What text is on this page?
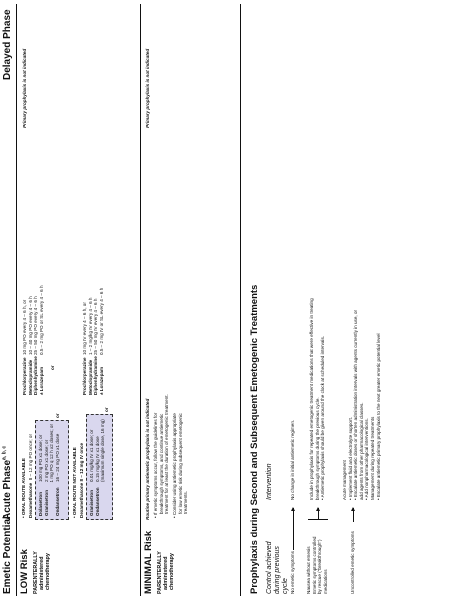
Emetic Potential
Acute Phase$^{a, b, c}$
Delayed Phase
LOW Risk PARENTERALLY administered chemotherapy
• ORAL ROUTE AVAILABLE Dexamethasone  8 – 12 mg PO once; or
Dolasetron
100 mg PO x1 dose; or
Granisetron
2 mg PO x1 dose; or 1 mg PO q 12 h x2 doses; or
Ondansetron
16 – 24 mg PO x1 dose
or
• ORAL ROUTE NOT AVAILABLE Dexamethasone 8 – 12 mg IV once Granisetron
0.01 mg/kg IV x1 dose; or
Ondansetron
0.15 mg/kg IV x1 dose (maximum single dose, 16 mg)
or
Prochlorperazine
10 mg PO every 4 – 6 h, or
Metoclopramide
10 – 40 mg PO every 4 – 6 h
Diphenhydramine
25 – 50 mg PO every 4 – 6 h
± Lorazepam
0.5 – 2 mg PO or SL every 4 – 6 h
or	Prochlorperazine
10 mg IV every 4 – 6 h, or
Metoclopramide
1 – 2 mg/kg IV every 4 – 6 h
Diphenhydramine
25 – 50 mg IV every 4 – 6 h
± Lorazepam
0.5 – 2 mg IV or SL every 4 – 6 h
Primary prophylaxis is not indicated
MINIMAL Risk PARENTERALLY administered chemotherapy
Routine primary antiemetic prophylaxis is not indicated • If emetic symptoms occur, follow the guidelines for breakthrough symptoms, and continue antiemetic treatment for at least the duration of emetogenic treatment. • Consider using antiemetic prophylaxis appropriate for low emetic risk during subsequent emetogenic treatments.
Primary prophylaxis is not indicated
Prophylaxis during Second and Subsequent Emetogenic Treatments Control achieved during previous cycle
Intervention
No emetic symptoms
No change in initial antiemetic regimen.
Nausea without emesis Emetic symptoms controlled by rescue ("breakthrough") medications
Include in prophylaxis for repeated emetogenic treatment medications that were effective in treating breakthrough symptoms during the previous cycle. • Antiemetic prophylaxis should be given around the clock at scheduled intervals.
Uncontrolled emetic symptoms
Acute management • Implement fluid and electrolyte support. • Escalate antiemetic doses or shorten administration intervals with agents currently in use, or add agents from other pharmacological classes. • Add nonpharmacological interventions. Management during repeated treatments • Escalate antiemetic primary prophylaxis to the next greater emetic potential level
